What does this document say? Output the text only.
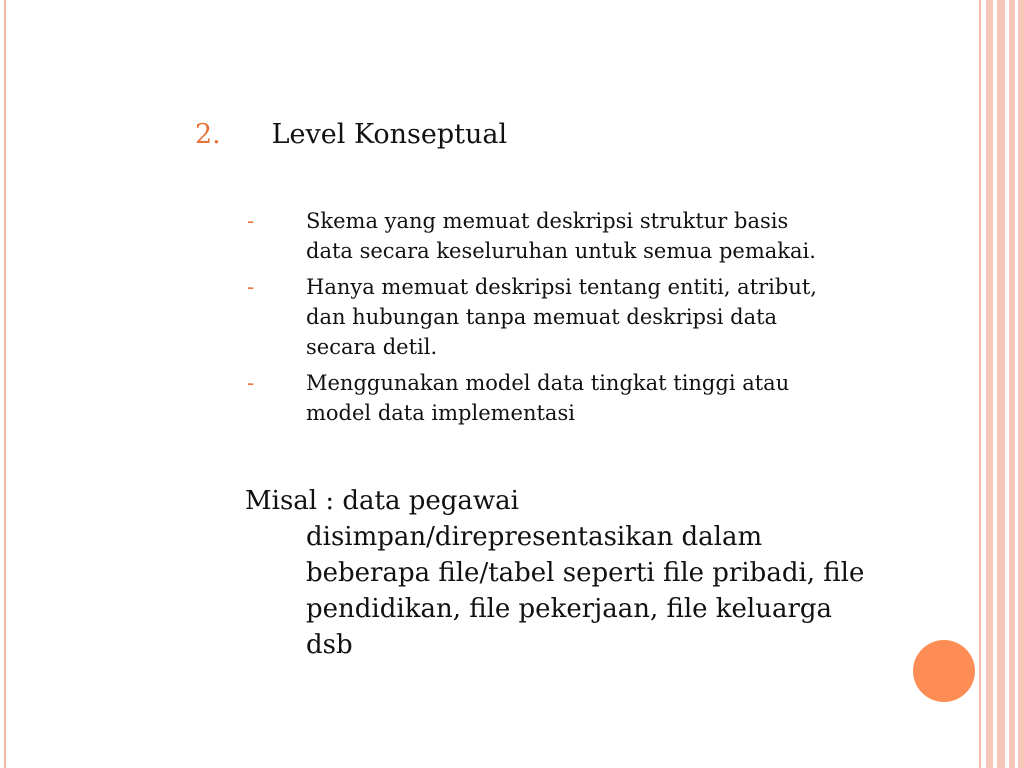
2. Level Konseptual
- Skema yang memuat deskripsi struktur basis
data secara keseluruhan untuk semua pemakai.
- Hanya memuat deskripsi tentang entiti, atribut,
dan hubungan tanpa memuat deskripsi data
secara detil.
- Menggunakan model data tingkat tinggi atau
model data implementasi
Misal : data pegawai
disimpan/direpresentasikan dalam
beberapa file/tabel seperti file pribadi, file
pendidikan, file pekerjaan, file keluarga
dsb
